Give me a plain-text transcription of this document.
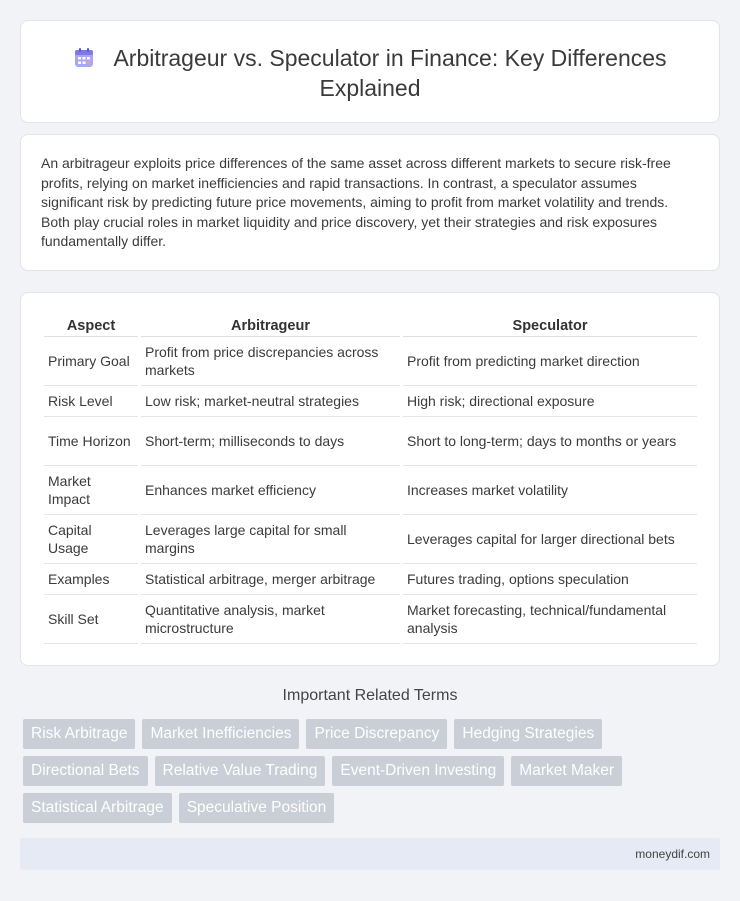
Arbitrageur vs. Speculator in Finance: Key Differences Explained

An arbitrageur exploits price differences of the same asset across different markets to secure risk-free profits, relying on market inefficiencies and rapid transactions. In contrast, a speculator assumes significant risk by predicting future price movements, aiming to profit from market volatility and trends. Both play crucial roles in market liquidity and price discovery, yet their strategies and risk exposures fundamentally differ.

Aspect	Arbitrageur	Speculator
Primary Goal	Profit from price discrepancies across markets	Profit from predicting market direction
Risk Level	Low risk; market-neutral strategies	High risk; directional exposure
Time Horizon	Short-term; milliseconds to days	Short to long-term; days to months or years
Market Impact	Enhances market efficiency	Increases market volatility
Capital Usage	Leverages large capital for small margins	Leverages capital for larger directional bets
Examples	Statistical arbitrage, merger arbitrage	Futures trading, options speculation
Skill Set	Quantitative analysis, market microstructure	Market forecasting, technical/fundamental analysis
Important Related Terms
Risk Arbitrage	Market Inefficiencies	Price Discrepancy	Hedging Strategies
Directional Bets	Relative Value Trading	Event-Driven Investing	Market Maker
Statistical Arbitrage	Speculative Position
moneydif.com
